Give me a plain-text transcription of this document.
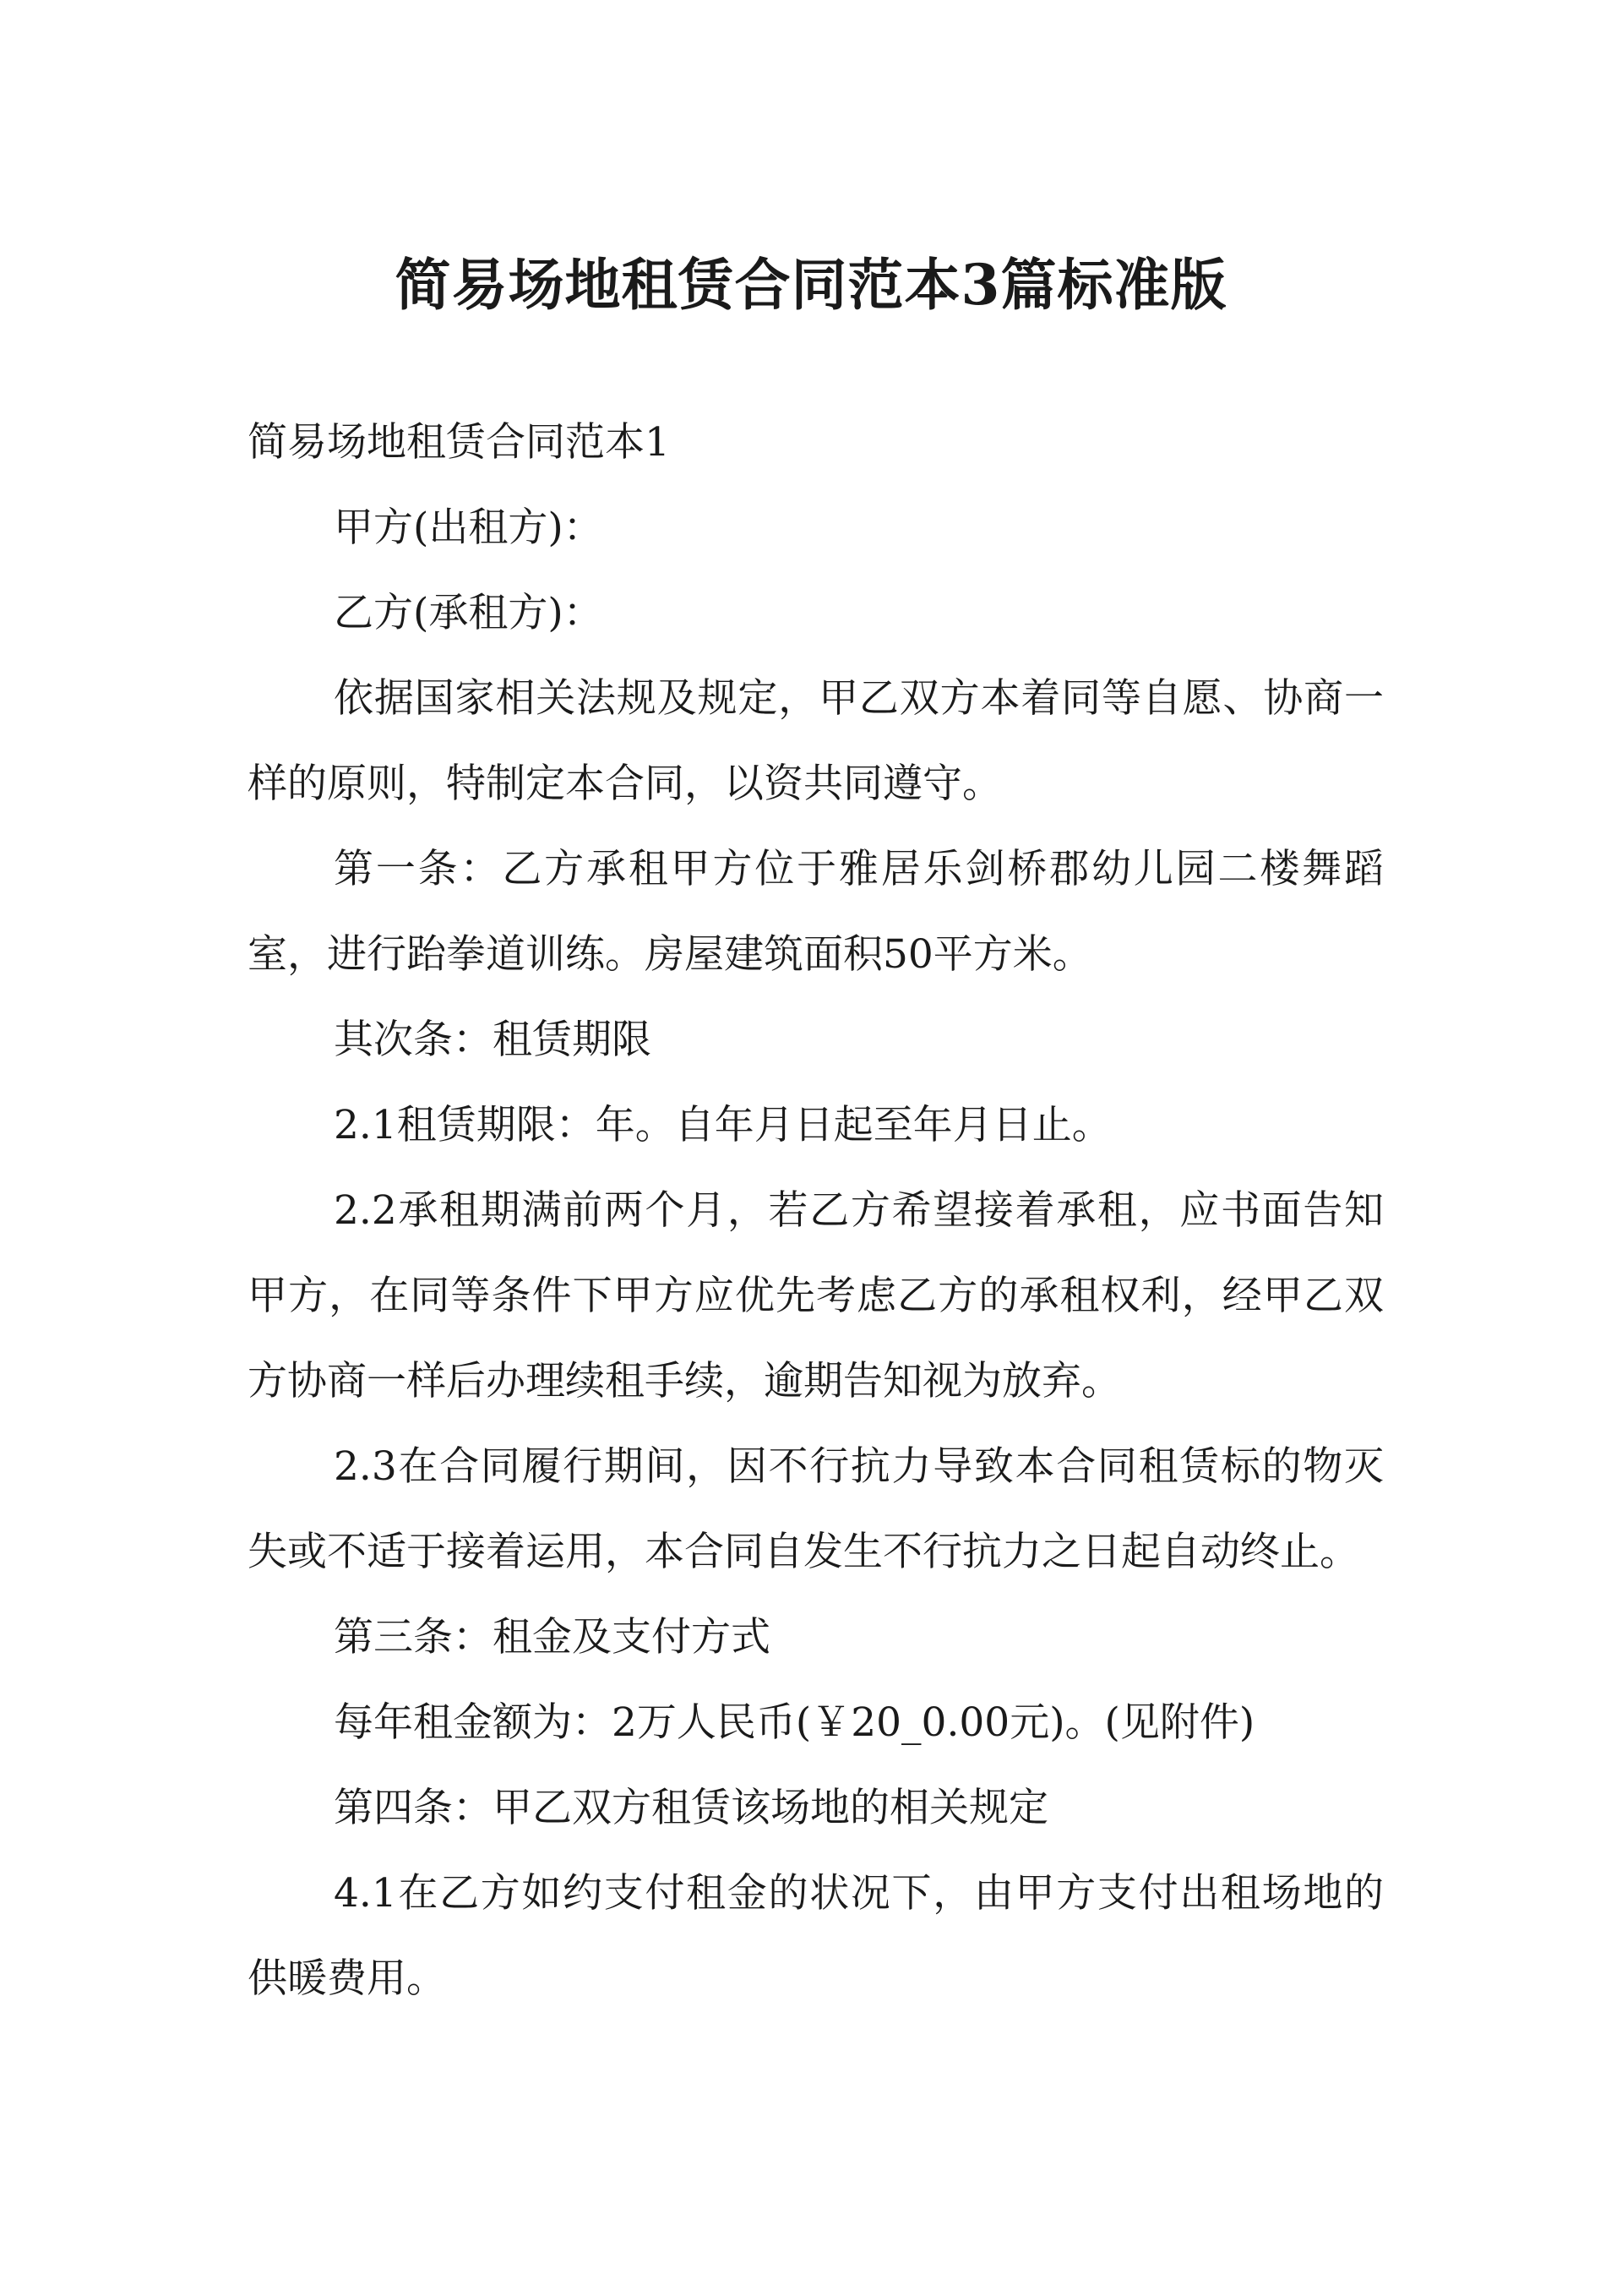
简易场地租赁合同范本3篇标准版

简易场地租赁合同范本1

甲方(出租方)：

乙方(承租方)：

依据国家相关法规及规定，甲乙双方本着同等自愿、协商一样的原则，特制定本合同，以资共同遵守。

第一条：乙方承租甲方位于雅居乐剑桥郡幼儿园二楼舞蹈室，进行跆拳道训练。房屋建筑面积50平方米。

其次条：租赁期限

2.1租赁期限：年。自年月日起至年月日止。

2.2承租期满前两个月，若乙方希望接着承租，应书面告知甲方，在同等条件下甲方应优先考虑乙方的承租权利，经甲乙双方协商一样后办理续租手续，逾期告知视为放弃。

2.3在合同履行期间，因不行抗力导致本合同租赁标的物灭失或不适于接着运用，本合同自发生不行抗力之日起自动终止。

第三条：租金及支付方式

每年租金额为：2万人民币(￥20_0.00元)。(见附件)

第四条：甲乙双方租赁该场地的相关规定

4.1在乙方如约支付租金的状况下，由甲方支付出租场地的供暖费用。
